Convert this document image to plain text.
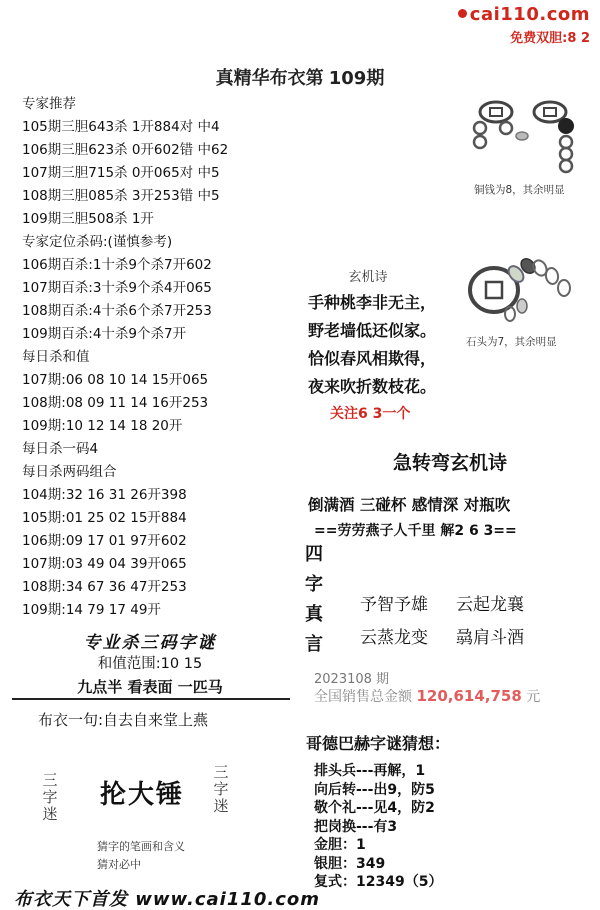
cai110.com
免费双胆:8 2
真精华布衣第 109期
专家推荐
105期三胆643杀 1开884对 中4
106期三胆623杀 0开602错 中62
107期三胆715杀 0开065对 中5
108期三胆085杀 3开253错 中5
109期三胆508杀 1开
专家定位杀码:(谨慎参考)
106期百杀:1十杀9个杀7开602
107期百杀:3十杀9个杀4开065
108期百杀:4十杀6个杀7开253
109期百杀:4十杀9个杀7开
每日杀和值
107期:06 08 10 14 15开065
108期:08 09 11 14 16开253
109期:10 12 14 18 20开
每日杀一码4
每日杀两码组合
104期:32 16 31 26开398
105期:01 25 02 15开884
106期:09 17 01 97开602
107期:03 49 04 39开065
108期:34 67 36 47开253
109期:14 79 17 49开
专业杀三码字谜
和值范围:10 15
九点半 看表面 一匹马
布衣一句:自去自来堂上燕
三
字
迷
抡大锤
三
字
迷
猜字的笔画和含义
猜对必中
铜钱为8，其余明显
石头为7，其余明显
玄机诗
手种桃李非无主，
野老墙低还似家。
恰似春风相欺得，
夜来吹折数枝花。
关注6 3一个
急转弯玄机诗
倒满酒 三碰杯 感情深 对瓶吹
==劳劳燕子人千里 解2 6 3==
四
字
真
言
予智予雄 云起龙襄
云蒸龙变 骉肩斗酒
2023108 期
全国销售总金额 120,614,758 元
哥德巴赫字谜猜想：
排头兵---再解，1
向后转---出9，防5
敬个礼---见4，防2
把岗换---有3
金胆：1
银胆：349
复式：12349（5）
布衣天下首发 www.cai110.com
